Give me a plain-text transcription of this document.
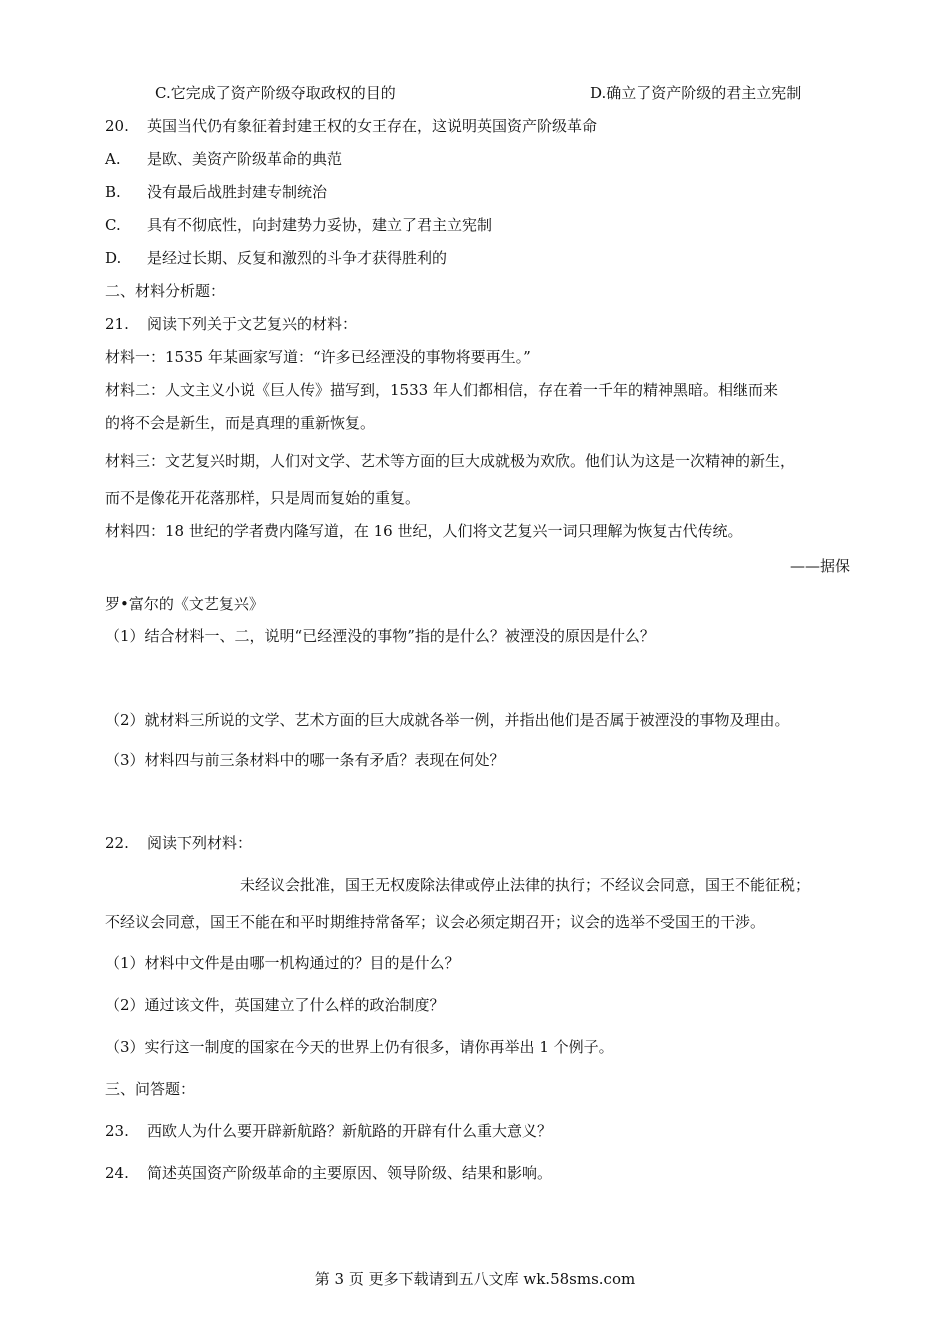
C.它完成了资产阶级夺取政权的目的	D.确立了资产阶级的君主立宪制
20. 英国当代仍有象征着封建王权的女王存在，这说明英国资产阶级革命
A. 是欧、美资产阶级革命的典范
B. 没有最后战胜封建专制统治
C. 具有不彻底性，向封建势力妥协，建立了君主立宪制
D. 是经过长期、反复和激烈的斗争才获得胜利的
二、材料分析题：
21. 阅读下列关于文艺复兴的材料：
材料一：1535 年某画家写道：“许多已经湮没的事物将要再生。”
材料二：人文主义小说《巨人传》描写到，1533 年人们都相信，存在着一千年的精神黑暗。相继而来
的将不会是新生，而是真理的重新恢复。
材料三：文艺复兴时期，人们对文学、艺术等方面的巨大成就极为欢欣。他们认为这是一次精神的新生，
而不是像花开花落那样，只是周而复始的重复。
材料四：18 世纪的学者费内隆写道，在 16 世纪，人们将文艺复兴一词只理解为恢复古代传统。
——据保
罗•富尔的《文艺复兴》
（1）结合材料一、二，说明“已经湮没的事物”指的是什么？被湮没的原因是什么？
（2）就材料三所说的文学、艺术方面的巨大成就各举一例，并指出他们是否属于被湮没的事物及理由。
（3）材料四与前三条材料中的哪一条有矛盾？表现在何处？
22. 阅读下列材料：
未经议会批准，国王无权废除法律或停止法律的执行；不经议会同意，国王不能征税；
不经议会同意，国王不能在和平时期维持常备军；议会必须定期召开；议会的选举不受国王的干涉。
（1）材料中文件是由哪一机构通过的？目的是什么？
（2）通过该文件，英国建立了什么样的政治制度？
（3）实行这一制度的国家在今天的世界上仍有很多，请你再举出 1 个例子。
三、问答题：
23. 西欧人为什么要开辟新航路？新航路的开辟有什么重大意义？
24. 简述英国资产阶级革命的主要原因、领导阶级、结果和影响。
第 3 页 更多下载请到五八文库 wk.58sms.com
